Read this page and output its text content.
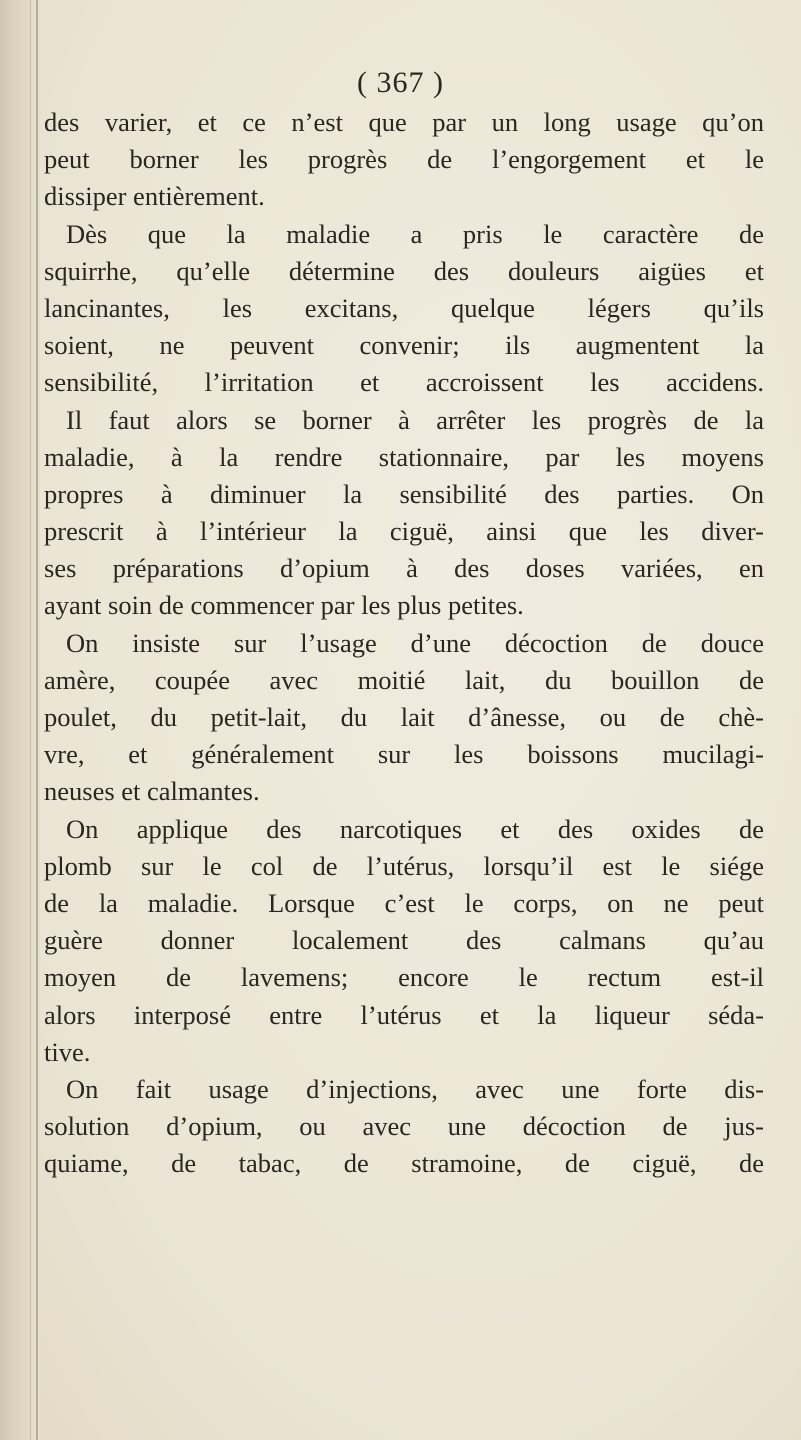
( 367 )
des varier, et ce n’est que par un long usage qu’on
peut borner les progrès de l’engorgement et le
dissiper entièrement.
Dès que la maladie a pris le caractère de
squirrhe, qu’elle détermine des douleurs aigües et
lancinantes, les excitans, quelque légers qu’ils
soient, ne peuvent convenir; ils augmentent la
sensibilité, l’irritation et accroissent les accidens.
Il faut alors se borner à arrêter les progrès de la
maladie, à la rendre stationnaire, par les moyens
propres à diminuer la sensibilité des parties. On
prescrit à l’intérieur la ciguë, ainsi que les diver-
ses préparations d’opium à des doses variées, en
ayant soin de commencer par les plus petites.
On insiste sur l’usage d’une décoction de douce
amère, coupée avec moitié lait, du bouillon de
poulet, du petit-lait, du lait d’ânesse, ou de chè-
vre, et généralement sur les boissons mucilagi-
neuses et calmantes.
On applique des narcotiques et des oxides de
plomb sur le col de l’utérus, lorsqu’il est le siége
de la maladie. Lorsque c’est le corps, on ne peut
guère donner localement des calmans qu’au
moyen de lavemens; encore le rectum est-il
alors interposé entre l’utérus et la liqueur séda-
tive.
On fait usage d’injections, avec une forte dis-
solution d’opium, ou avec une décoction de jus-
quiame, de tabac, de stramoine, de ciguë, de
